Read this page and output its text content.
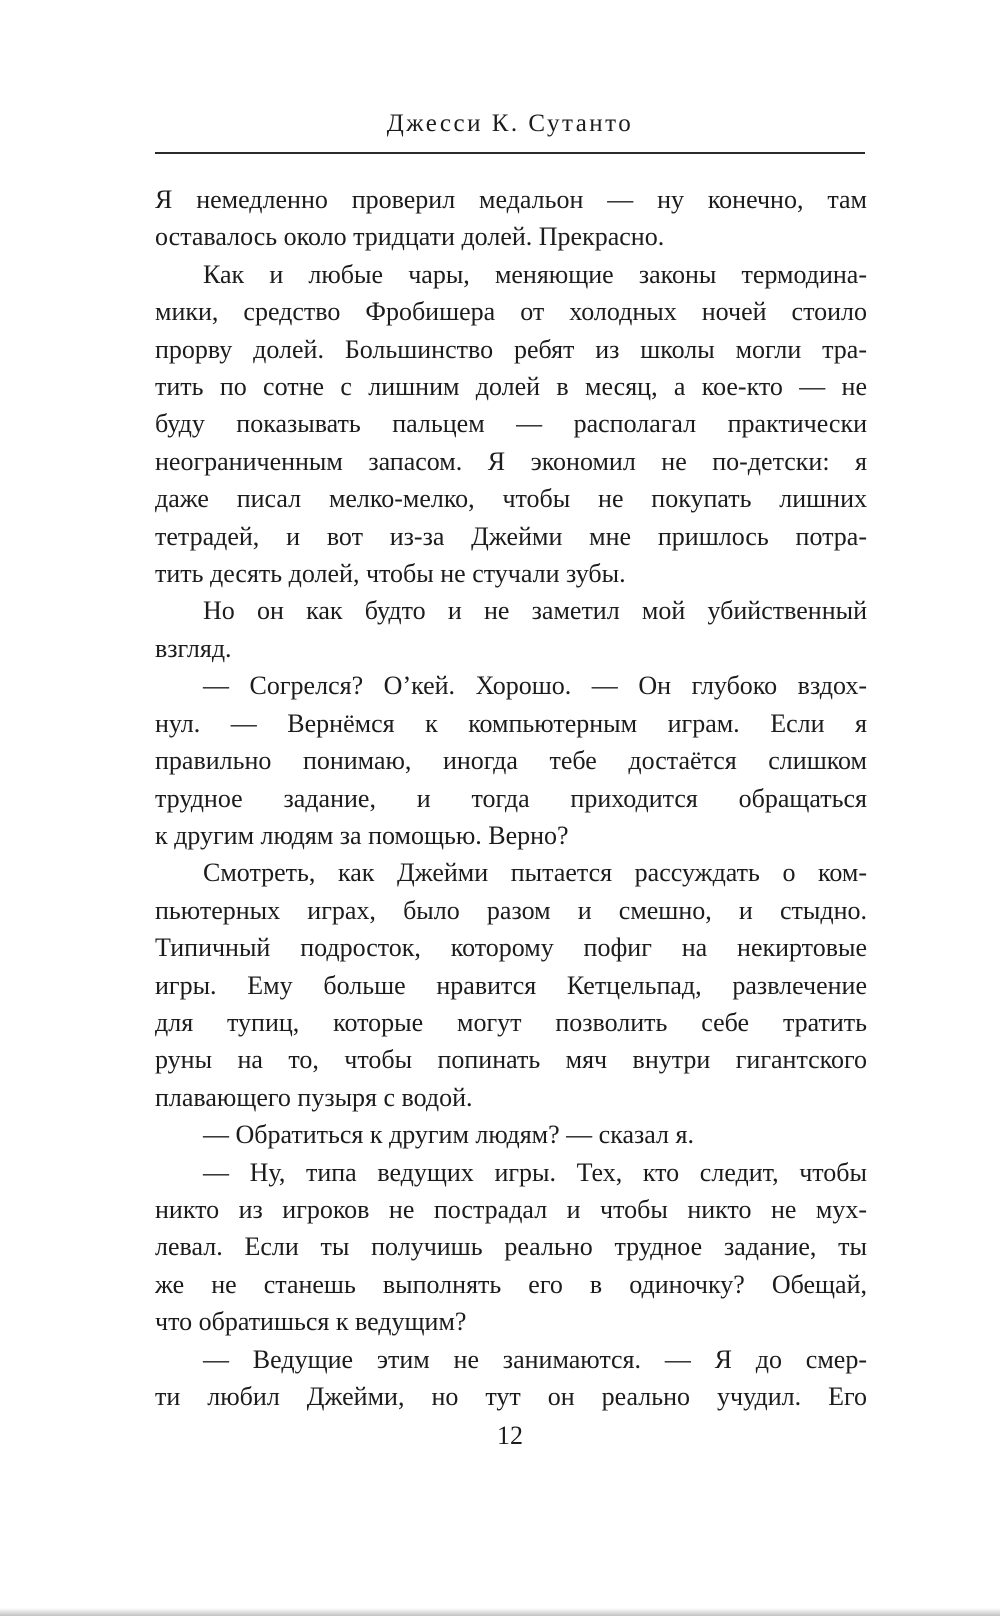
Джесси К. Сутанто
Я немедленно проверил медальон — ну конечно, там
оставалось около тридцати долей. Прекрасно.
Как и любые чары, меняющие законы термодина-
мики, средство Фробишера от холодных ночей стоило
прорву долей. Большинство ребят из школы могли тра-
тить по сотне с лишним долей в месяц, а кое-кто — не
буду показывать пальцем — располагал практически
неограниченным запасом. Я экономил не по-детски: я
даже писал мелко-мелко, чтобы не покупать лишних
тетрадей, и вот из-за Джейми мне пришлось потра-
тить десять долей, чтобы не стучали зубы.
Но он как будто и не заметил мой убийственный
взгляд.
— Согрелся? О’кей. Хорошо. — Он глубоко вздох-
нул. — Вернёмся к компьютерным играм. Если я
правильно понимаю, иногда тебе достаётся слишком
трудное задание, и тогда приходится обращаться
к другим людям за помощью. Верно?
Смотреть, как Джейми пытается рассуждать о ком-
пьютерных играх, было разом и смешно, и стыдно.
Типичный подросток, которому пофиг на некиртовые
игры. Ему больше нравится Кетцельпад, развлечение
для тупиц, которые могут позволить себе тратить
руны на то, чтобы попинать мяч внутри гигантского
плавающего пузыря с водой.
— Обратиться к другим людям? — сказал я.
— Ну, типа ведущих игры. Тех, кто следит, чтобы
никто из игроков не пострадал и чтобы никто не мух-
левал. Если ты получишь реально трудное задание, ты
же не станешь выполнять его в одиночку? Обещай,
что обратишься к ведущим?
— Ведущие этим не занимаются. — Я до смер-
ти любил Джейми, но тут он реально учудил. Его
12
